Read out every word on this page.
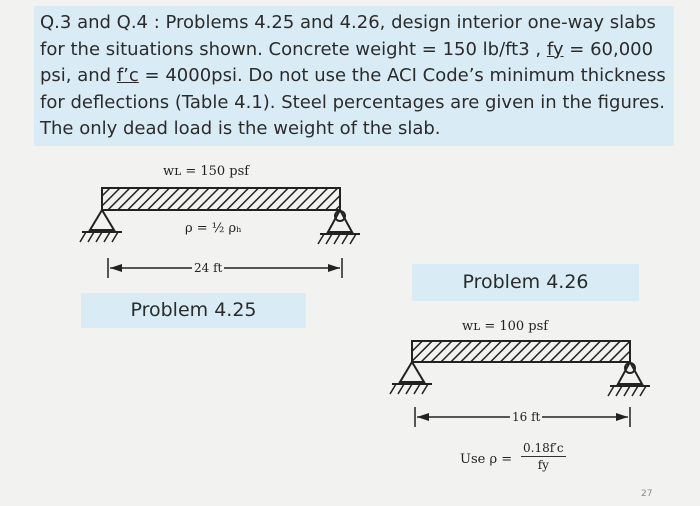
Q.3 and Q.4 : Problems 4.25 and 4.26, design interior one-way slabs for the situations shown. Concrete weight = 150 lb/ft3 , fy = 60,000 psi, and f’c = 4000psi. Do not use the ACI Code’s minimum thickness for deflections (Table 4.1). Steel percentages are given in the figures. The only dead load is the weight of the slab.
wʟ = 150 psf
ρ = ½ ρₕ
24 ft
Problem 4.25
Problem 4.26
wʟ = 100 psf
16 ft
Use $\rho = \frac{0.18f'c}{fy}$
27
